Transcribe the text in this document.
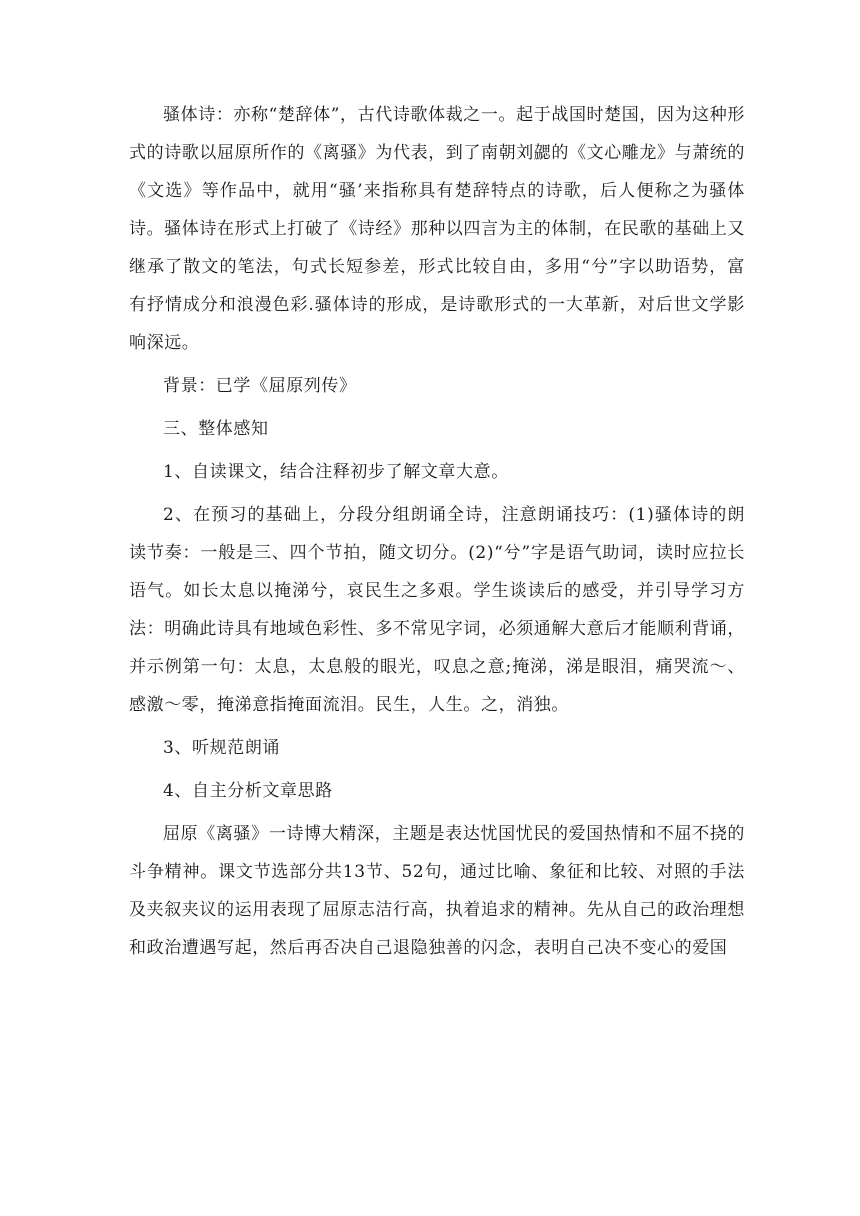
骚体诗：亦称“楚辞体”，古代诗歌体裁之一。起于战国时楚国，因为这种形式的诗歌以屈原所作的《离骚》为代表，到了南朝刘勰的《文心雕龙》与萧统的《文选》等作品中，就用“骚’来指称具有楚辞特点的诗歌，后人便称之为骚体诗。骚体诗在形式上打破了《诗经》那种以四言为主的体制，在民歌的基础上又继承了散文的笔法，句式长短参差，形式比较自由，多用“兮”字以助语势，富有抒情成分和浪漫色彩.骚体诗的形成，是诗歌形式的一大革新，对后世文学影响深远。

背景：已学《屈原列传》

三、整体感知

1、自读课文，结合注释初步了解文章大意。

2、在预习的基础上，分段分组朗诵全诗，注意朗诵技巧：(1)骚体诗的朗读节奏：一般是三、四个节拍，随文切分。(2)“兮”字是语气助词，读时应拉长语气。如长太息以掩涕兮，哀民生之多艰。学生谈读后的感受，并引导学习方法：明确此诗具有地域色彩性、多不常见字词，必须通解大意后才能顺利背诵，并示例第一句：太息，太息般的眼光，叹息之意;掩涕，涕是眼泪，痛哭流～、感激～零，掩涕意指掩面流泪。民生，人生。之，消独。

3、听规范朗诵

4、自主分析文章思路

屈原《离骚》一诗博大精深，主题是表达忧国忧民的爱国热情和不屈不挠的斗争精神。课文节选部分共13节、52句，通过比喻、象征和比较、对照的手法及夹叙夹议的运用表现了屈原志洁行高，执着追求的精神。先从自己的政治理想和政治遭遇写起，然后再否决自己退隐独善的闪念，表明自己决不变心的爱国
